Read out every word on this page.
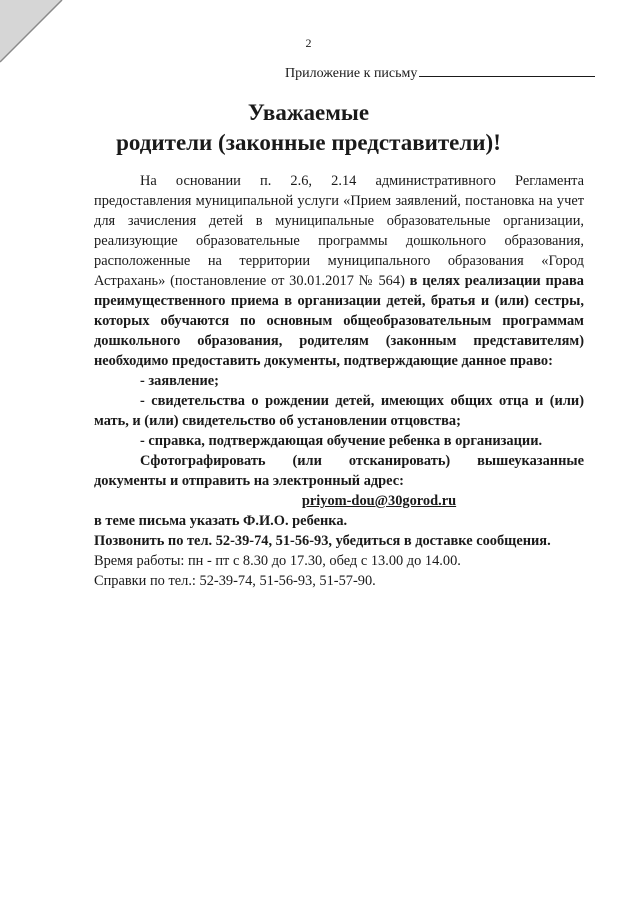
2
Приложение к письму
Уважаемые
родители (законные представители)!

На основании п. 2.6, 2.14 административного Регламента предоставления муниципальной услуги «Прием заявлений, постановка на учет для зачисления детей в муниципальные образовательные организации, реализующие образовательные программы дошкольного образования, расположенные на территории муниципального образования «Город Астрахань» (постановление от 30.01.2017 № 564) в целях реализации права преимущественного приема в организации детей, братья и (или) сестры, которых обучаются по основным общеобразовательным программам дошкольного образования, родителям (законным представителям) необходимо предоставить документы, подтверждающие данное право:

- заявление;

- свидетельства о рождении детей, имеющих общих отца и (или) мать, и (или) свидетельство об установлении отцовства;

- справка, подтверждающая обучение ребенка в организации.

Сфотографировать (или отсканировать) вышеуказанные документы и отправить на электронный адрес:

priyom-dou@30gorod.ru

в теме письма указать Ф.И.О. ребенка.

Позвонить по тел. 52-39-74, 51-56-93, убедиться в доставке сообщения.

Время работы: пн - пт с 8.30 до 17.30, обед с 13.00 до 14.00.

Справки по тел.: 52-39-74, 51-56-93, 51-57-90.
